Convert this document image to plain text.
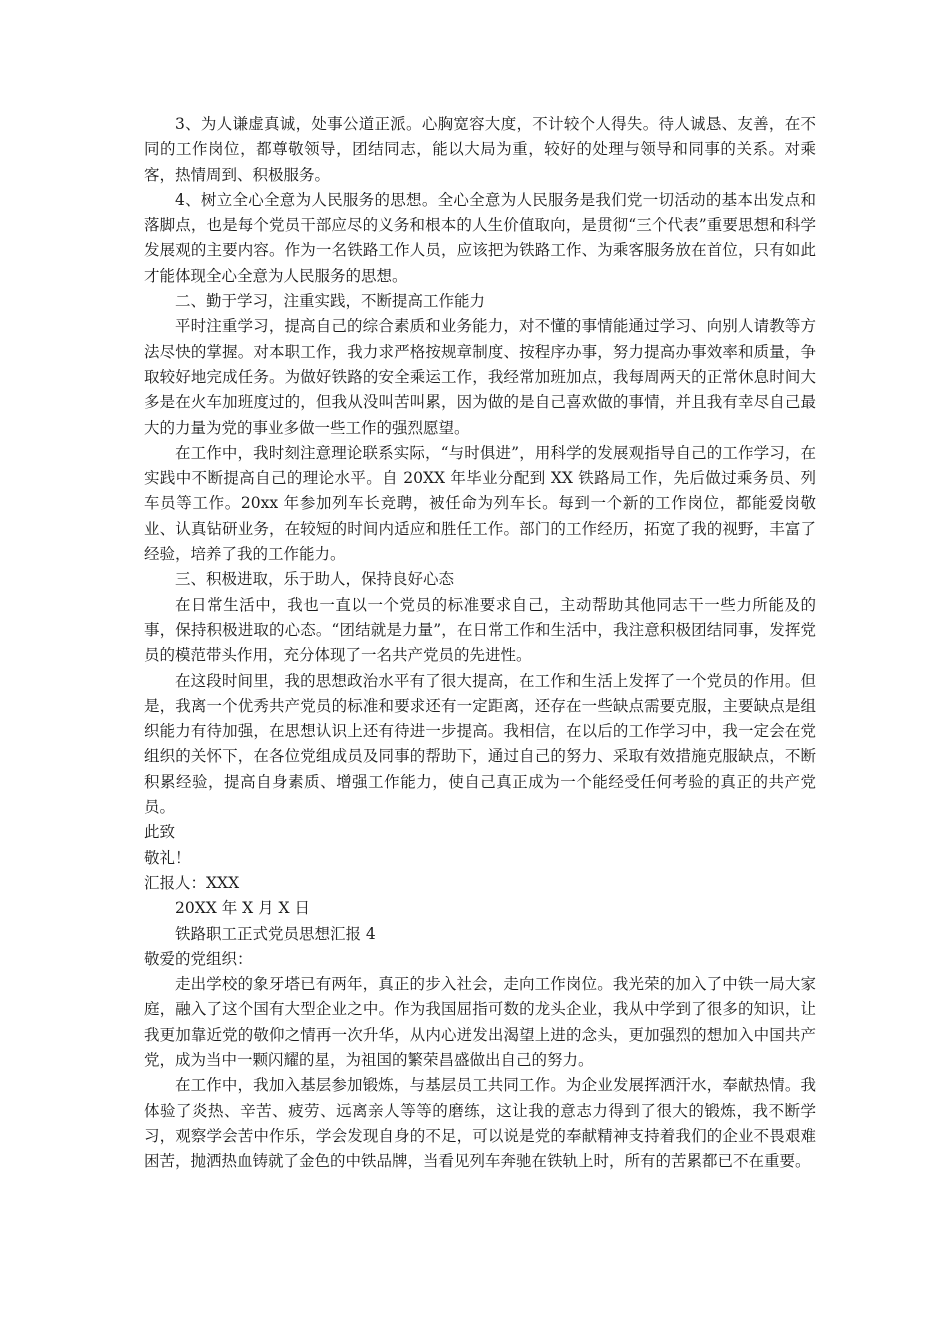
3、为人谦虚真诚，处事公道正派。心胸宽容大度，不计较个人得失。待人诚恳、友善，在不同的工作岗位，都尊敬领导，团结同志，能以大局为重，较好的处理与领导和同事的关系。对乘客，热情周到、积极服务。

4、树立全心全意为人民服务的思想。全心全意为人民服务是我们党一切活动的基本出发点和落脚点，也是每个党员干部应尽的义务和根本的人生价值取向，是贯彻“三个代表”重要思想和科学发展观的主要内容。作为一名铁路工作人员，应该把为铁路工作、为乘客服务放在首位，只有如此才能体现全心全意为人民服务的思想。

二、勤于学习，注重实践，不断提高工作能力

平时注重学习，提高自己的综合素质和业务能力，对不懂的事情能通过学习、向别人请教等方法尽快的掌握。对本职工作，我力求严格按规章制度、按程序办事，努力提高办事效率和质量，争取较好地完成任务。为做好铁路的安全乘运工作，我经常加班加点，我每周两天的正常休息时间大多是在火车加班度过的，但我从没叫苦叫累，因为做的是自己喜欢做的事情，并且我有幸尽自己最大的力量为党的事业多做一些工作的强烈愿望。

在工作中，我时刻注意理论联系实际，“与时俱进”，用科学的发展观指导自己的工作学习，在实践中不断提高自己的理论水平。自 20XX 年毕业分配到 XX 铁路局工作，先后做过乘务员、列车员等工作。20xx 年参加列车长竞聘，被任命为列车长。每到一个新的工作岗位，都能爱岗敬业、认真钻研业务，在较短的时间内适应和胜任工作。部门的工作经历，拓宽了我的视野，丰富了经验，培养了我的工作能力。

三、积极进取，乐于助人，保持良好心态

在日常生活中，我也一直以一个党员的标准要求自己，主动帮助其他同志干一些力所能及的事，保持积极进取的心态。“团结就是力量”，在日常工作和生活中，我注意积极团结同事，发挥党员的模范带头作用，充分体现了一名共产党员的先进性。

在这段时间里，我的思想政治水平有了很大提高，在工作和生活上发挥了一个党员的作用。但是，我离一个优秀共产党员的标准和要求还有一定距离，还存在一些缺点需要克服，主要缺点是组织能力有待加强，在思想认识上还有待进一步提高。我相信，在以后的工作学习中，我一定会在党组织的关怀下，在各位党组成员及同事的帮助下，通过自己的努力、采取有效措施克服缺点，不断积累经验，提高自身素质、增强工作能力，使自己真正成为一个能经受任何考验的真正的共产党员。

此致

敬礼！

汇报人：XXX

20XX 年 X 月 X 日

铁路职工正式党员思想汇报 4

敬爱的党组织：

走出学校的象牙塔已有两年，真正的步入社会，走向工作岗位。我光荣的加入了中铁一局大家庭，融入了这个国有大型企业之中。作为我国屈指可数的龙头企业，我从中学到了很多的知识，让我更加靠近党的敬仰之情再一次升华，从内心迸发出渴望上进的念头，更加强烈的想加入中国共产党，成为当中一颗闪耀的星，为祖国的繁荣昌盛做出自己的努力。

在工作中，我加入基层参加锻炼，与基层员工共同工作。为企业发展挥洒汗水，奉献热情。我体验了炎热、辛苦、疲劳、远离亲人等等的磨练，这让我的意志力得到了很大的锻炼，我不断学习，观察学会苦中作乐，学会发现自身的不足，可以说是党的奉献精神支持着我们的企业不畏艰难困苦，抛洒热血铸就了金色的中铁品牌，当看见列车奔驰在铁轨上时，所有的苦累都已不在重要。
